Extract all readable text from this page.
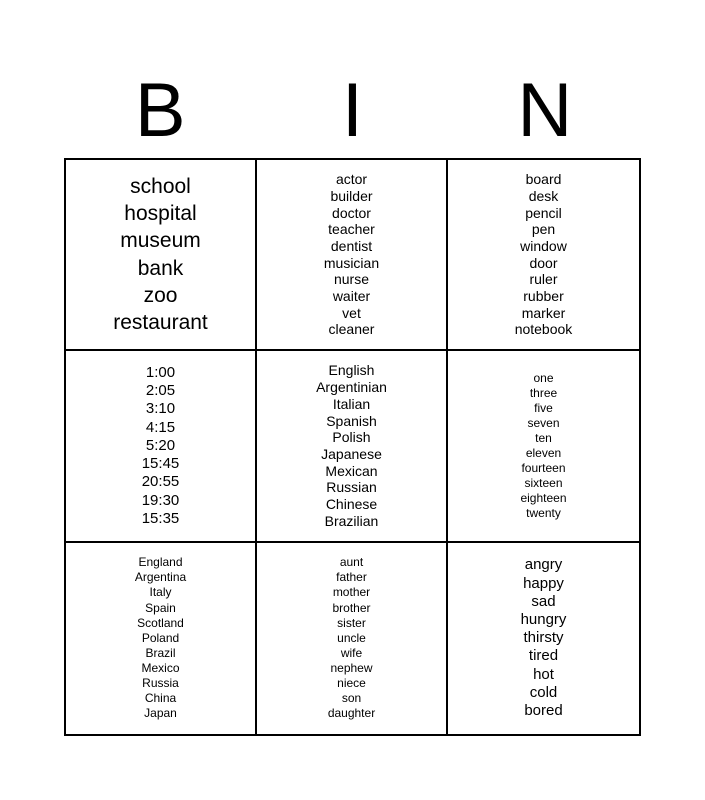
B	I	N
school
hospital
museum
bank
zoo
restaurant
actor
builder
doctor
teacher
dentist
musician
nurse
waiter
vet
cleaner
board
desk
pencil
pen
window
door
ruler
rubber
marker
notebook
1:00
2:05
3:10
4:15
5:20
15:45
20:55
19:30
15:35
English
Argentinian
Italian
Spanish
Polish
Japanese
Mexican
Russian
Chinese
Brazilian
one
three
five
seven
ten
eleven
fourteen
sixteen
eighteen
twenty
England
Argentina
Italy
Spain
Scotland
Poland
Brazil
Mexico
Russia
China
Japan
aunt
father
mother
brother
sister
uncle
wife
nephew
niece
son
daughter
angry
happy
sad
hungry
thirsty
tired
hot
cold
bored
